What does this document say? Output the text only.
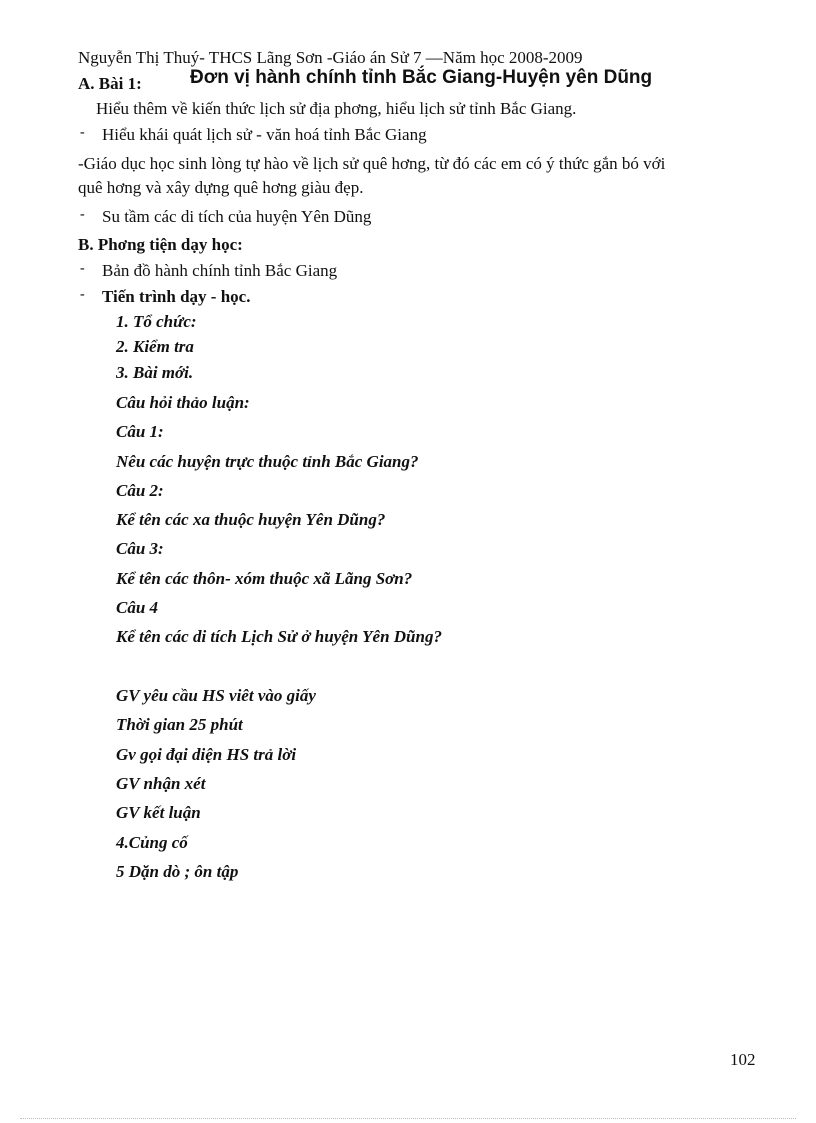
Nguyễn Thị Thuý- THCS Lãng Sơn -Giáo án Sử 7 —Năm học 2008-2009
A. Bài 1:	Đơn vị hành chính tỉnh Bắc Giang-Huyện yên Dũng
Hiểu thêm về kiến thức lịch sử địa phơng, hiểu lịch sử tỉnh Bắc Giang.
- Hiểu khái quát lịch sử - văn hoá tỉnh Bắc Giang
-Giáo dục học sinh lòng tự hào về lịch sử quê hơng, từ đó các em có ý thức gắn bó với
quê hơng và xây dựng quê hơng giàu đẹp.
- Su tầm các di tích của huyện Yên Dũng
B. Phơng tiện dạy học:
- Bản đồ hành chính tỉnh Bắc Giang
- Tiến trình dạy - học.
1. Tổ chức:
2. Kiểm tra
3. Bài mới.
Câu hỏi thảo luận:
Câu 1:
Nêu các huyện trực thuộc tỉnh Bắc Giang?
Câu 2:
Kể tên các xa thuộc huyện Yên Dũng?
Câu 3:
Kể tên các thôn- xóm thuộc xã Lãng Sơn?
Câu 4
Kể tên các di tích Lịch Sử ở huyện Yên Dũng?
GV yêu cầu HS viêt vào giấy
Thời gian 25 phút
Gv gọi đại diện HS trả lời
GV nhận xét
GV kết luận
4.Củng cố
5 Dặn dò ; ôn tập
102
